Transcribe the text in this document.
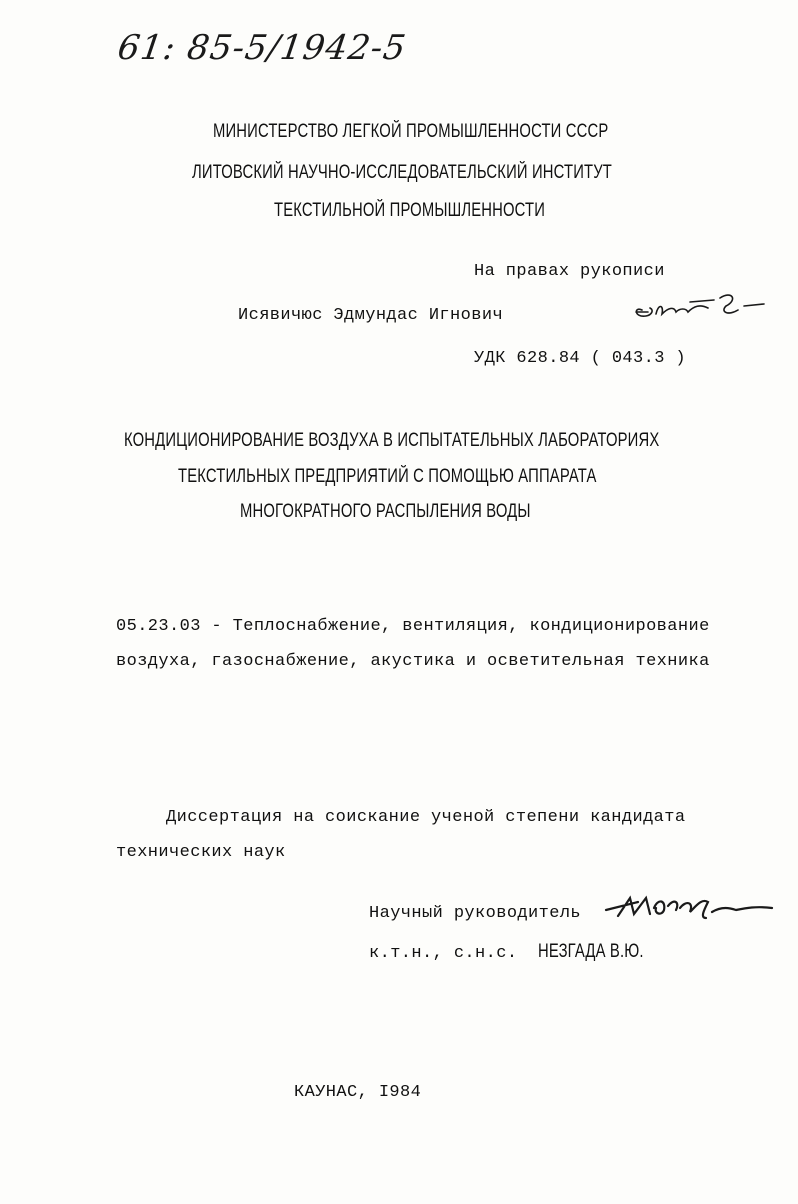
61: 85-5/1942-5
МИНИСТЕРСТВО ЛЕГКОЙ ПРОМЫШЛЕННОСТИ СССР
ЛИТОВСКИЙ НАУЧНО-ИССЛЕДОВАТЕЛЬСКИЙ ИНСТИТУТ
ТЕКСТИЛЬНОЙ ПРОМЫШЛЕННОСТИ
На правах рукописи
Исявичюс Эдмундас Игнович
УДК 628.84 ( 043.3 )
КОНДИЦИОНИРОВАНИЕ ВОЗДУХА В ИСПЫТАТЕЛЬНЫХ ЛАБОРАТОРИЯХ
ТЕКСТИЛЬНЫХ ПРЕДПРИЯТИЙ С ПОМОЩЬЮ АППАРАТА
МНОГОКРАТНОГО РАСПЫЛЕНИЯ ВОДЫ
05.23.03 - Теплоснабжение, вентиляция, кондиционирование
воздуха, газоснабжение, акустика и осветительная техника
Диссертация на соискание ученой степени кандидата
технических наук
Научный руководитель
к.т.н., с.н.с. НЕЗГАДА В.Ю.
КАУНАС, I984
